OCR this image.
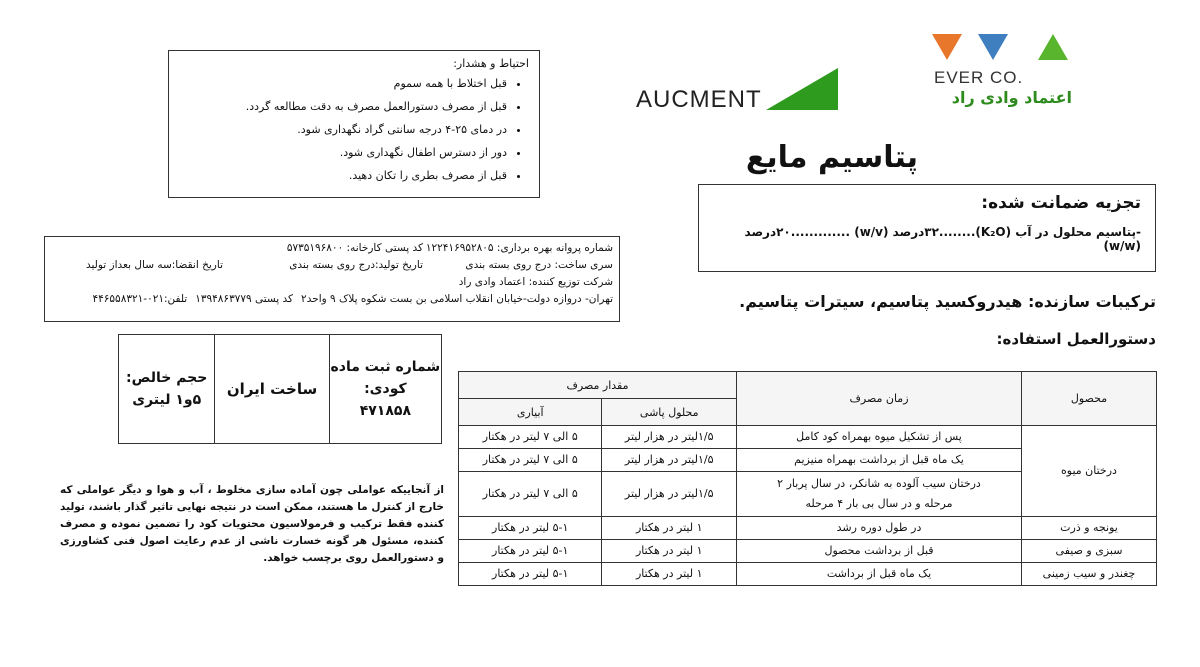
AUCMENT
EVER CO.
اعتماد وادی راد
پتاسیم مایع
احتیاط و هشدار:
• قبل اختلاط با همه سموم
• قبل از مصرف دستورالعمل مصرف به دقت مطالعه گردد.
• در دمای ۲۵-۴ درجه سانتی گراد نگهداری شود.
• دور از دسترس اطفال نگهداری شود.
• قبل از مصرف بطری را تکان دهید.
تجزیه ضمانت شده:
-پتاسیم محلول در آب (K₂O)........۳۲درصد (w/v) .............۲۰درصد (w/w)
ترکیبات سازنده: هیدروکسید پتاسیم، سیترات پتاسیم.
دستورالعمل استفاده:
شماره پروانه بهره برداری: ۱۲۲۴۱۶۹۵۲۸۰۵
کد پستی کارخانه: ۵۷۳۵۱۹۶۸۰۰
سری ساخت: درج روی بسته بندی
تاریخ تولید:درج روی بسته بندی
تاریخ انقضا:سه سال بعداز تولید
شرکت توزیع کننده: اعتماد وادی راد
تهران- دروازه دولت-خیابان انقلاب اسلامی بن بست شکوه پلاک ۹ واحد۲
کد پستی ۱۳۹۴۸۶۳۷۷۹
تلفن:۰۲۱-۴۴۶۵۵۸۳۲۱
شماره ثبت ماده
کودی:
۴۷۱۸۵۸
ساخت ایران
حجم خالص:
۵و۱ لیتری
از آنجاییکه عواملی چون آماده سازی مخلوط ، آب و هوا و دیگر عواملی که خارج از کنترل ما هستند، ممکن است در نتیجه نهایی تاثیر گذار باشند، تولید کننده فقط ترکیب و فرمولاسیون محتویات کود را تضمین نموده و مصرف کننده، مسئول هر گونه خسارت ناشی از عدم رعایت اصول فنی کشاورزی و دستورالعمل روی برچسب خواهد.
محصول	زمان مصرف	مقدار مصرف	
		محلول پاشی	آبیاری
درختان میوه	پس از تشکیل میوه بهمراه کود کامل	۱/۵لیتر در هزار لیتر	۵ الی ۷ لیتر در هکتار
	یک ماه قبل از برداشت بهمراه منیزیم	۱/۵لیتر در هزار لیتر	۵ الی ۷ لیتر در هکتار

	درختان سیب آلوده به شانکر، در سال پربار ۲
مرحله و در سال بی بار ۴ مرحله	۱/۵لیتر در هزار لیتر	۵ الی ۷ لیتر در هکتار
یونجه و ذرت	در طول دوره رشد	۱ لیتر در هکتار	۵-۱ لیتر در هکتار
سبزی و صیفی	قبل از برداشت محصول	۱ لیتر در هکتار	۵-۱ لیتر در هکتار
چغندر و سیب زمینی	یک ماه قبل از برداشت	۱ لیتر در هکتار	۵-۱ لیتر در هکتار
